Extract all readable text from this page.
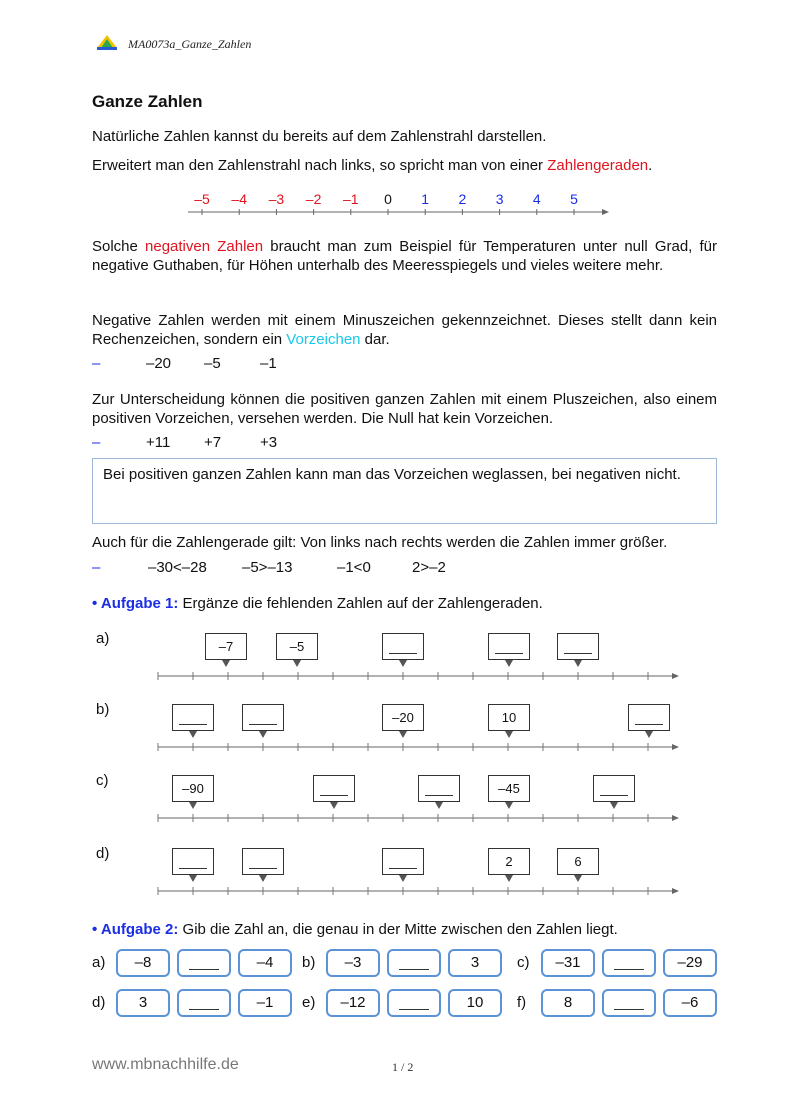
MA0073a_Ganze_Zahlen
Ganze Zahlen
Natürliche Zahlen kannst du bereits auf dem Zahlenstrahl darstellen.
Erweitert man den Zahlenstrahl nach links, so spricht man von einer Zahlengeraden.
–5 –4 –3 –2 –1 0 1 2 3 4 5
Solche negativen Zahlen braucht man zum Beispiel für Temperaturen unter null Grad, für negative Guthaben, für Höhen unterhalb des Meeresspiegels und vieles weitere mehr.
Negative Zahlen werden mit einem Minuszeichen gekennzeichnet. Dieses stellt dann kein Rechenzeichen, sondern ein Vorzeichen dar.
–	–20 –5	–1
Zur Unterscheidung können die positiven ganzen Zahlen mit einem Pluszeichen, also einem positiven Vorzeichen, versehen werden. Die Null hat kein Vorzeichen.
–	+11 +7	+3
Bei positiven ganzen Zahlen kann man das Vorzeichen weglassen, bei negativen nicht.
Auch für die Zahlengerade gilt: Von links nach rechts werden die Zahlen immer größer.
–	–30<–28 –5>–13	–1<0	2>–2
• Aufgabe 1: Ergänze die fehlenden Zahlen auf der Zahlengeraden.
a)	–7	–5
b)	–20	10
c)	–90	–45
d)	2	6
• Aufgabe 2: Gib die Zahl an, die genau in der Mitte zwischen den Zahlen liegt.
a)	–8	–4	b)	–3	3	c)	–31	–29
d)	3	–1	e)	–12	10	f)	8	–6
www.mbnachhilfe.de	1 / 2
